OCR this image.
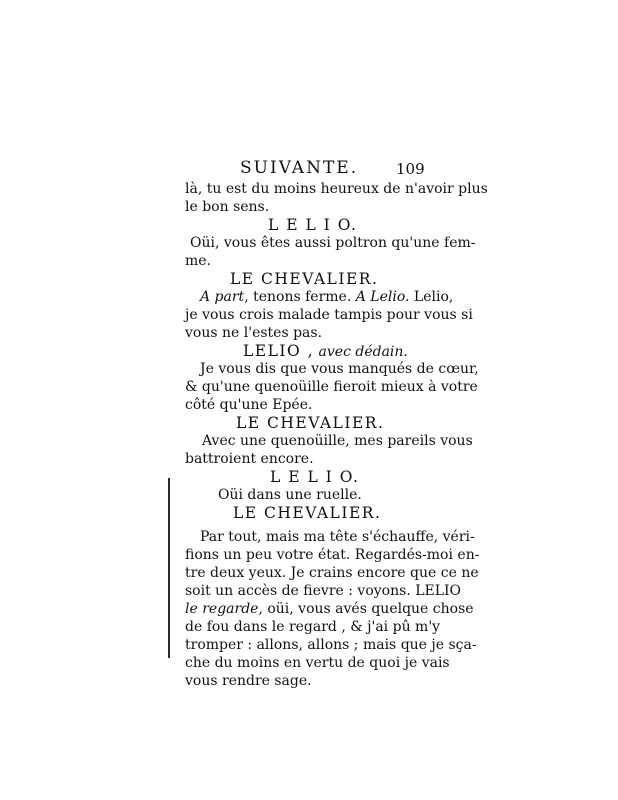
SUIVANTE.	109
là, tu est du moins heureux de n'avoir plus
le bon sens.
L E L I O.
Oüi, vous êtes aussi poltron qu'une fem-
me.
LE CHEVALIER.
A part, tenons ferme. A Lelio. Lelio,
je vous crois malade tampis pour vous si
vous ne l'estes pas.
LELIO , avec dédain.
Je vous dis que vous manqués de cœur,
& qu'une quenoüille fieroit mieux à votre
côté qu'une Epée.
LE CHEVALIER.
Avec une quenoüille, mes pareils vous
battroient encore.
L E L I O.
Oüi dans une ruelle.
LE CHEVALIER.
Par tout, mais ma tête s'échauffe, véri-
fions un peu votre état. Regardés-moi en-
tre deux yeux. Je crains encore que ce ne
soit un accès de fievre : voyons. LELIO
le regarde, oüi, vous avés quelque chose
de fou dans le regard , & j'ai pû m'y
tromper : allons, allons ; mais que je sça-
che du moins en vertu de quoi je vais
vous rendre sage.
